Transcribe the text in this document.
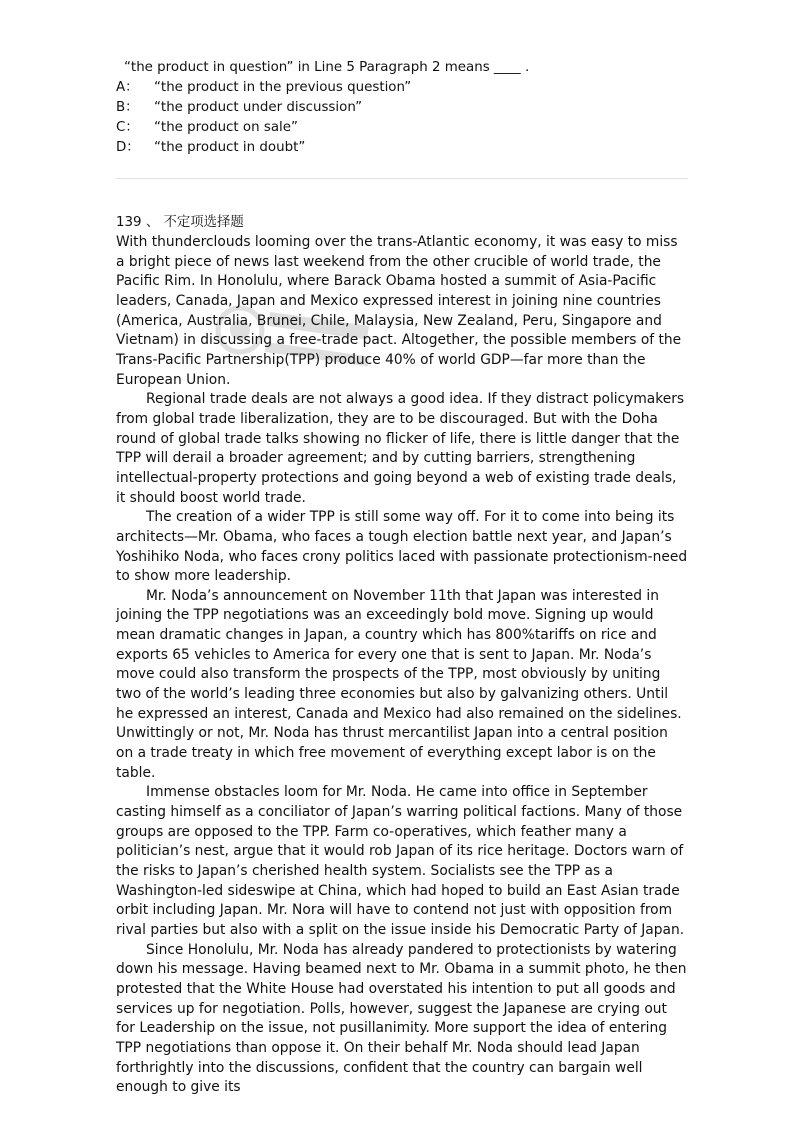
“the product in question” in Line 5 Paragraph 2 means ____ .

A：	“the product in the previous question”

B：	“the product under discussion”

C：	“the product on sale”

D：	“the product in doubt”

139 、 不定项选择题

With thunderclouds looming over the trans-Atlantic economy, it was easy to miss a bright piece of news last weekend from the other crucible of world trade, the Pacific Rim. In Honolulu, where Barack Obama hosted a summit of Asia-Pacific leaders, Canada, Japan and Mexico expressed interest in joining nine countries (America, Australia, Brunei, Chile, Malaysia, New Zealand, Peru, Singapore and Vietnam) in discussing a free-trade pact. Altogether, the possible members of the Trans-Pacific Partnership(TPP) produce 40% of world GDP—far more than the European Union.

Regional trade deals are not always a good idea. If they distract policymakers from global trade liberalization, they are to be discouraged. But with the Doha round of global trade talks showing no flicker of life, there is little danger that the TPP will derail a broader agreement; and by cutting barriers, strengthening intellectual-property protections and going beyond a web of existing trade deals, it should boost world trade.

The creation of a wider TPP is still some way off. For it to come into being its architects—Mr. Obama, who faces a tough election battle next year, and Japan’s Yoshihiko Noda, who faces crony politics laced with passionate protectionism-need to show more leadership.

Mr. Noda’s announcement on November 11th that Japan was interested in joining the TPP negotiations was an exceedingly bold move. Signing up would mean dramatic changes in Japan, a country which has 800%tariffs on rice and exports 65 vehicles to America for every one that is sent to Japan. Mr. Noda’s move could also transform the prospects of the TPP, most obviously by uniting two of the world’s leading three economies but also by galvanizing others. Until he expressed an interest, Canada and Mexico had also remained on the sidelines. Unwittingly or not, Mr. Noda has thrust mercantilist Japan into a central position on a trade treaty in which free movement of everything except labor is on the table.

Immense obstacles loom for Mr. Noda. He came into office in September casting himself as a conciliator of Japan’s warring political factions. Many of those groups are opposed to the TPP. Farm co-operatives, which feather many a politician’s nest, argue that it would rob Japan of its rice heritage. Doctors warn of the risks to Japan’s cherished health system. Socialists see the TPP as a Washington-led sideswipe at China, which had hoped to build an East Asian trade orbit including Japan. Mr. Nora will have to contend not just with opposition from rival parties but also with a split on the issue inside his Democratic Party of Japan.

Since Honolulu, Mr. Noda has already pandered to protectionists by watering down his message. Having beamed next to Mr. Obama in a summit photo, he then protested that the White House had overstated his intention to put all goods and services up for negotiation. Polls, however, suggest the Japanese are crying out for Leadership on the issue, not pusillanimity. More support the idea of entering TPP negotiations than oppose it. On their behalf Mr. Noda should lead Japan forthrightly into the discussions, confident that the country can bargain well enough to give its
